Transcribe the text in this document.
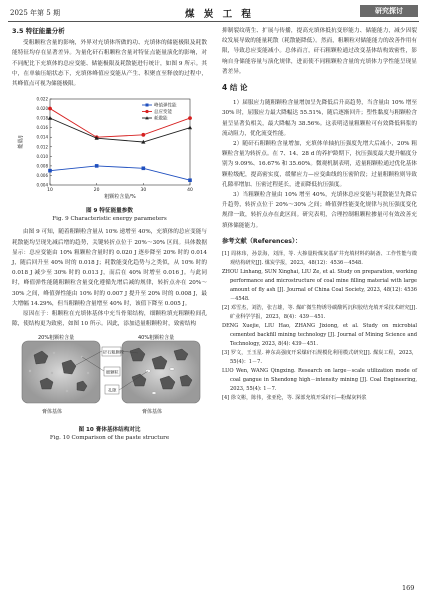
2025 年第 5 期	煤 炭 工 程	研究探讨
3.5 特征能量分析

受粗颗粒含量的影响，外界对充填体所做的功、充填体的储能极限及耗散能特征均存在显著差异。为量化矸石粗颗粒含量对特征点能量演化的影响，对不同配比下充填体的总应变能、储能极限及耗散能进行统计，如图 9 所示。其中，在单轴压缩状态下，充填体峰值应变能从产生、积聚直至释放的过程中，其峰值点可视为储能极限。

0.004
0.006
0.008
0.010
0.012
0.014
0.016
0.018
0.020
0.022
10	20	30	40
粗颗粒含量/%
能量/J
峰值弹性能
总应变能
耗散能
图 9 特征能量参数
Fig. 9 Characteristic energy parameters

由图 9 可知，随着粗颗粒含量从 10% 递增至 40%，充填体的总应变能与耗散能均呈现先减后增的趋势，关键转折点位于 20%～30% 区间。具体数据显示：总应变能由 10% 粗颗粒含量时的 0.020 J 逐步降至 20% 时的 0.014 J，随后回升至 40% 时的 0.018 J；耗散能变化趋势与之类似，从 10% 时的 0.018 J 减少至 30% 时的 0.013 J，而后在 40% 时增至 0.016 J。与此同时，峰值弹性能随粗颗粒含量变化遵循先增后减的规律，转折点亦在 20%～30% 之间，峰值弹性能由 10% 时的 0.007 J 提升至 20% 时的 0.008 J，最大增幅 14.29%，但当粗颗粒含量增至 40% 时，该值下降至 0.005 J。

原因在于：粗颗粒在充填体基体中充当骨架结构，细颗粒填充粗颗粒间孔隙，使结构更为致密，如图 10 所示。因此，添加适量粗颗粒时，致密结构

20%粗颗粒含量
膏体基体
40%粗颗粒含量
膏体基体
矸石粗颗粒
细颗粒
孔隙
图 10 膏体基体结构对比
Fig. 10 Comparison of the paste structure

抑制裂纹萌生、扩展与传播，提高充填体抵抗变形能力、储能能力，减少因裂纹发展导致的能量耗散（耗散能降低）。然而，粗颗粒对储能能力的改善作用有限，导致总应变能减小。总体而言，矸石粗颗粒通过改变基体结构效密性，影响自身储能容量与演化规律，进而使不同粗颗粒含量的充填体力学性能呈现显著差异。

4 结 论

1）届服应力随粗颗粒含量增加呈先降低后升高趋势，当含量由 10% 增至 30% 时，屈服应力最大降幅达 55.51%，随后逐渐回升；塑性黏度与粗颗粒含量呈显著负相关，最大降幅为 38.56%。这表明适量粗颗粒可有效降低料浆的流动阻力，优化流变性能。

2）随矸石粗颗粒含量增加，充填体单轴抗压强度先增大后减小，20% 粗颗粒含量为转折点。在 7、14、28 d 的养护龄期下，抗压强度最大提升幅度分别为 9.09%、16.67% 和 35.60%。微观机制表明，适量粗颗粒通过优化基体颗粒级配，提高密实度，缓解应力—应变曲线的压密阶段；过量粗颗粒则导致孔隙率增加、压密过程延长，进而降低抗压强度。

3）当粗颗粒含量由 10% 增至 40%，充填体总应变能与耗散能呈先降后升趋势，转折点位于 20%～30% 之间；峰值弹性能变化规律与抗压强度变化规律一致，转折点亦在此区间。研究表明，合理控制粗颗粒掺量可有效改善充填体储能能力。

参考文献（References）：

[1] 周林玮，孙景海，刘泽，等. 大掺量粉煤灰基矿井充填材料的制备、工作性能与微观结构研究[J]. 煤炭学报，2023，48(12)：4536－4548.

ZHOU Linhang, SUN Xinghai, LIU Ze, et al. Study on preparation, working performance and microstructure of coal mine filling material with large amount of fly ash [J]. Journal of China Coal Society, 2023, 48(12): 4536－4548.

[2] 邓雪杰，刘浩，张吉雄，等. 煤矿微生物诱导碳酸钙沉积胶结充填开采技术研究[J]. 矿业科学学报，2023，8(4)：439－451.

DENG Xuejie, LIU Hao, ZHANG Jixiong, et al. Study on microbial cemented backfill mining technology [J]. Journal of Mining Science and Technology, 2023, 8(4): 439－451.

[3] 罗文，王玉星. 神东高强度开采煤矸石规模化利用模式研究[J]. 煤炭工程，2023，55(4)：1－7.

LUO Wen, WANG Qingxing. Research on large－scale utilization mode of coal gangue in Shendong high－intensity mining [J]. Coal Engineering, 2023, 55(4): 1－7.

[4] 徐文彬，陈伟，张亚伦，等. 深部充填开采矸石—粉煤灰料浆

169
